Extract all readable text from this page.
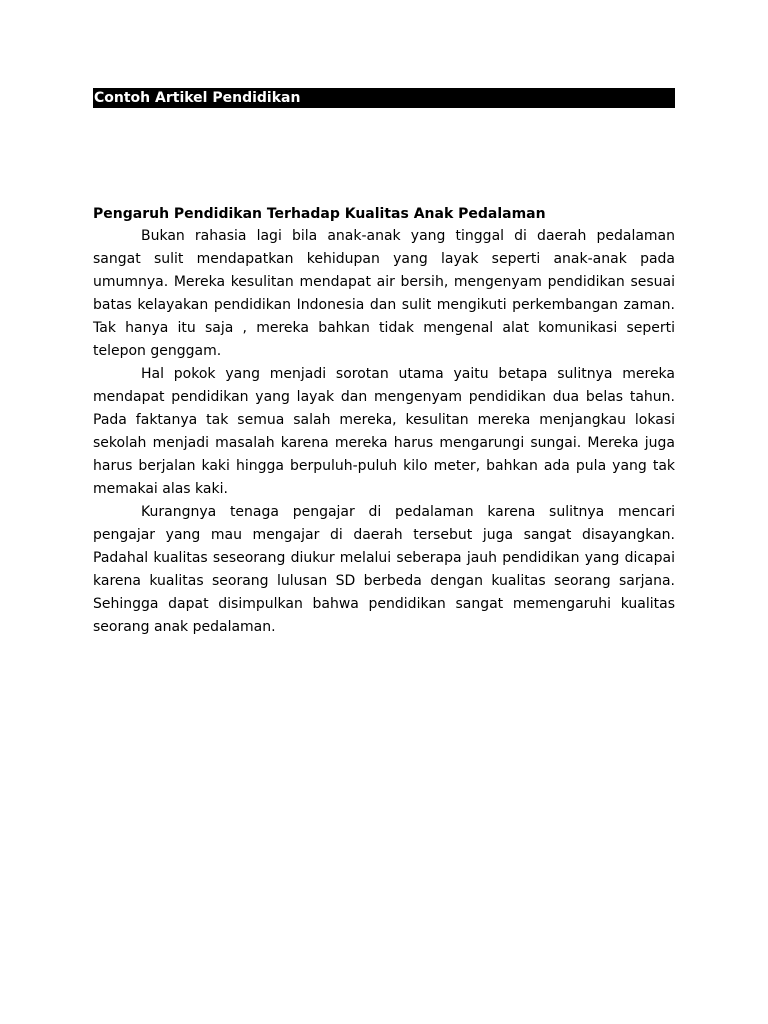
Contoh Artikel Pendidikan

Pengaruh Pendidikan Terhadap Kualitas Anak Pedalaman

Bukan rahasia lagi bila anak-anak yang tinggal di daerah pedalaman sangat sulit mendapatkan kehidupan yang layak seperti anak-anak pada umumnya. Mereka kesulitan mendapat air bersih, mengenyam pendidikan sesuai batas kelayakan pendidikan Indonesia dan sulit mengikuti perkembangan zaman. Tak hanya itu saja , mereka bahkan tidak mengenal alat komunikasi seperti telepon genggam.

Hal pokok yang menjadi sorotan utama yaitu betapa sulitnya mereka mendapat pendidikan yang layak dan mengenyam pendidikan dua belas tahun. Pada faktanya tak semua salah mereka, kesulitan mereka menjangkau lokasi sekolah menjadi masalah karena mereka harus mengarungi sungai. Mereka juga harus berjalan kaki hingga berpuluh-puluh kilo meter, bahkan ada pula yang tak memakai alas kaki.

Kurangnya tenaga pengajar di pedalaman karena sulitnya mencari pengajar yang mau mengajar di daerah tersebut juga sangat disayangkan. Padahal kualitas seseorang diukur melalui seberapa jauh pendidikan yang dicapai karena kualitas seorang lulusan SD berbeda dengan kualitas seorang sarjana. Sehingga dapat disimpulkan bahwa pendidikan sangat memengaruhi kualitas seorang anak pedalaman.
